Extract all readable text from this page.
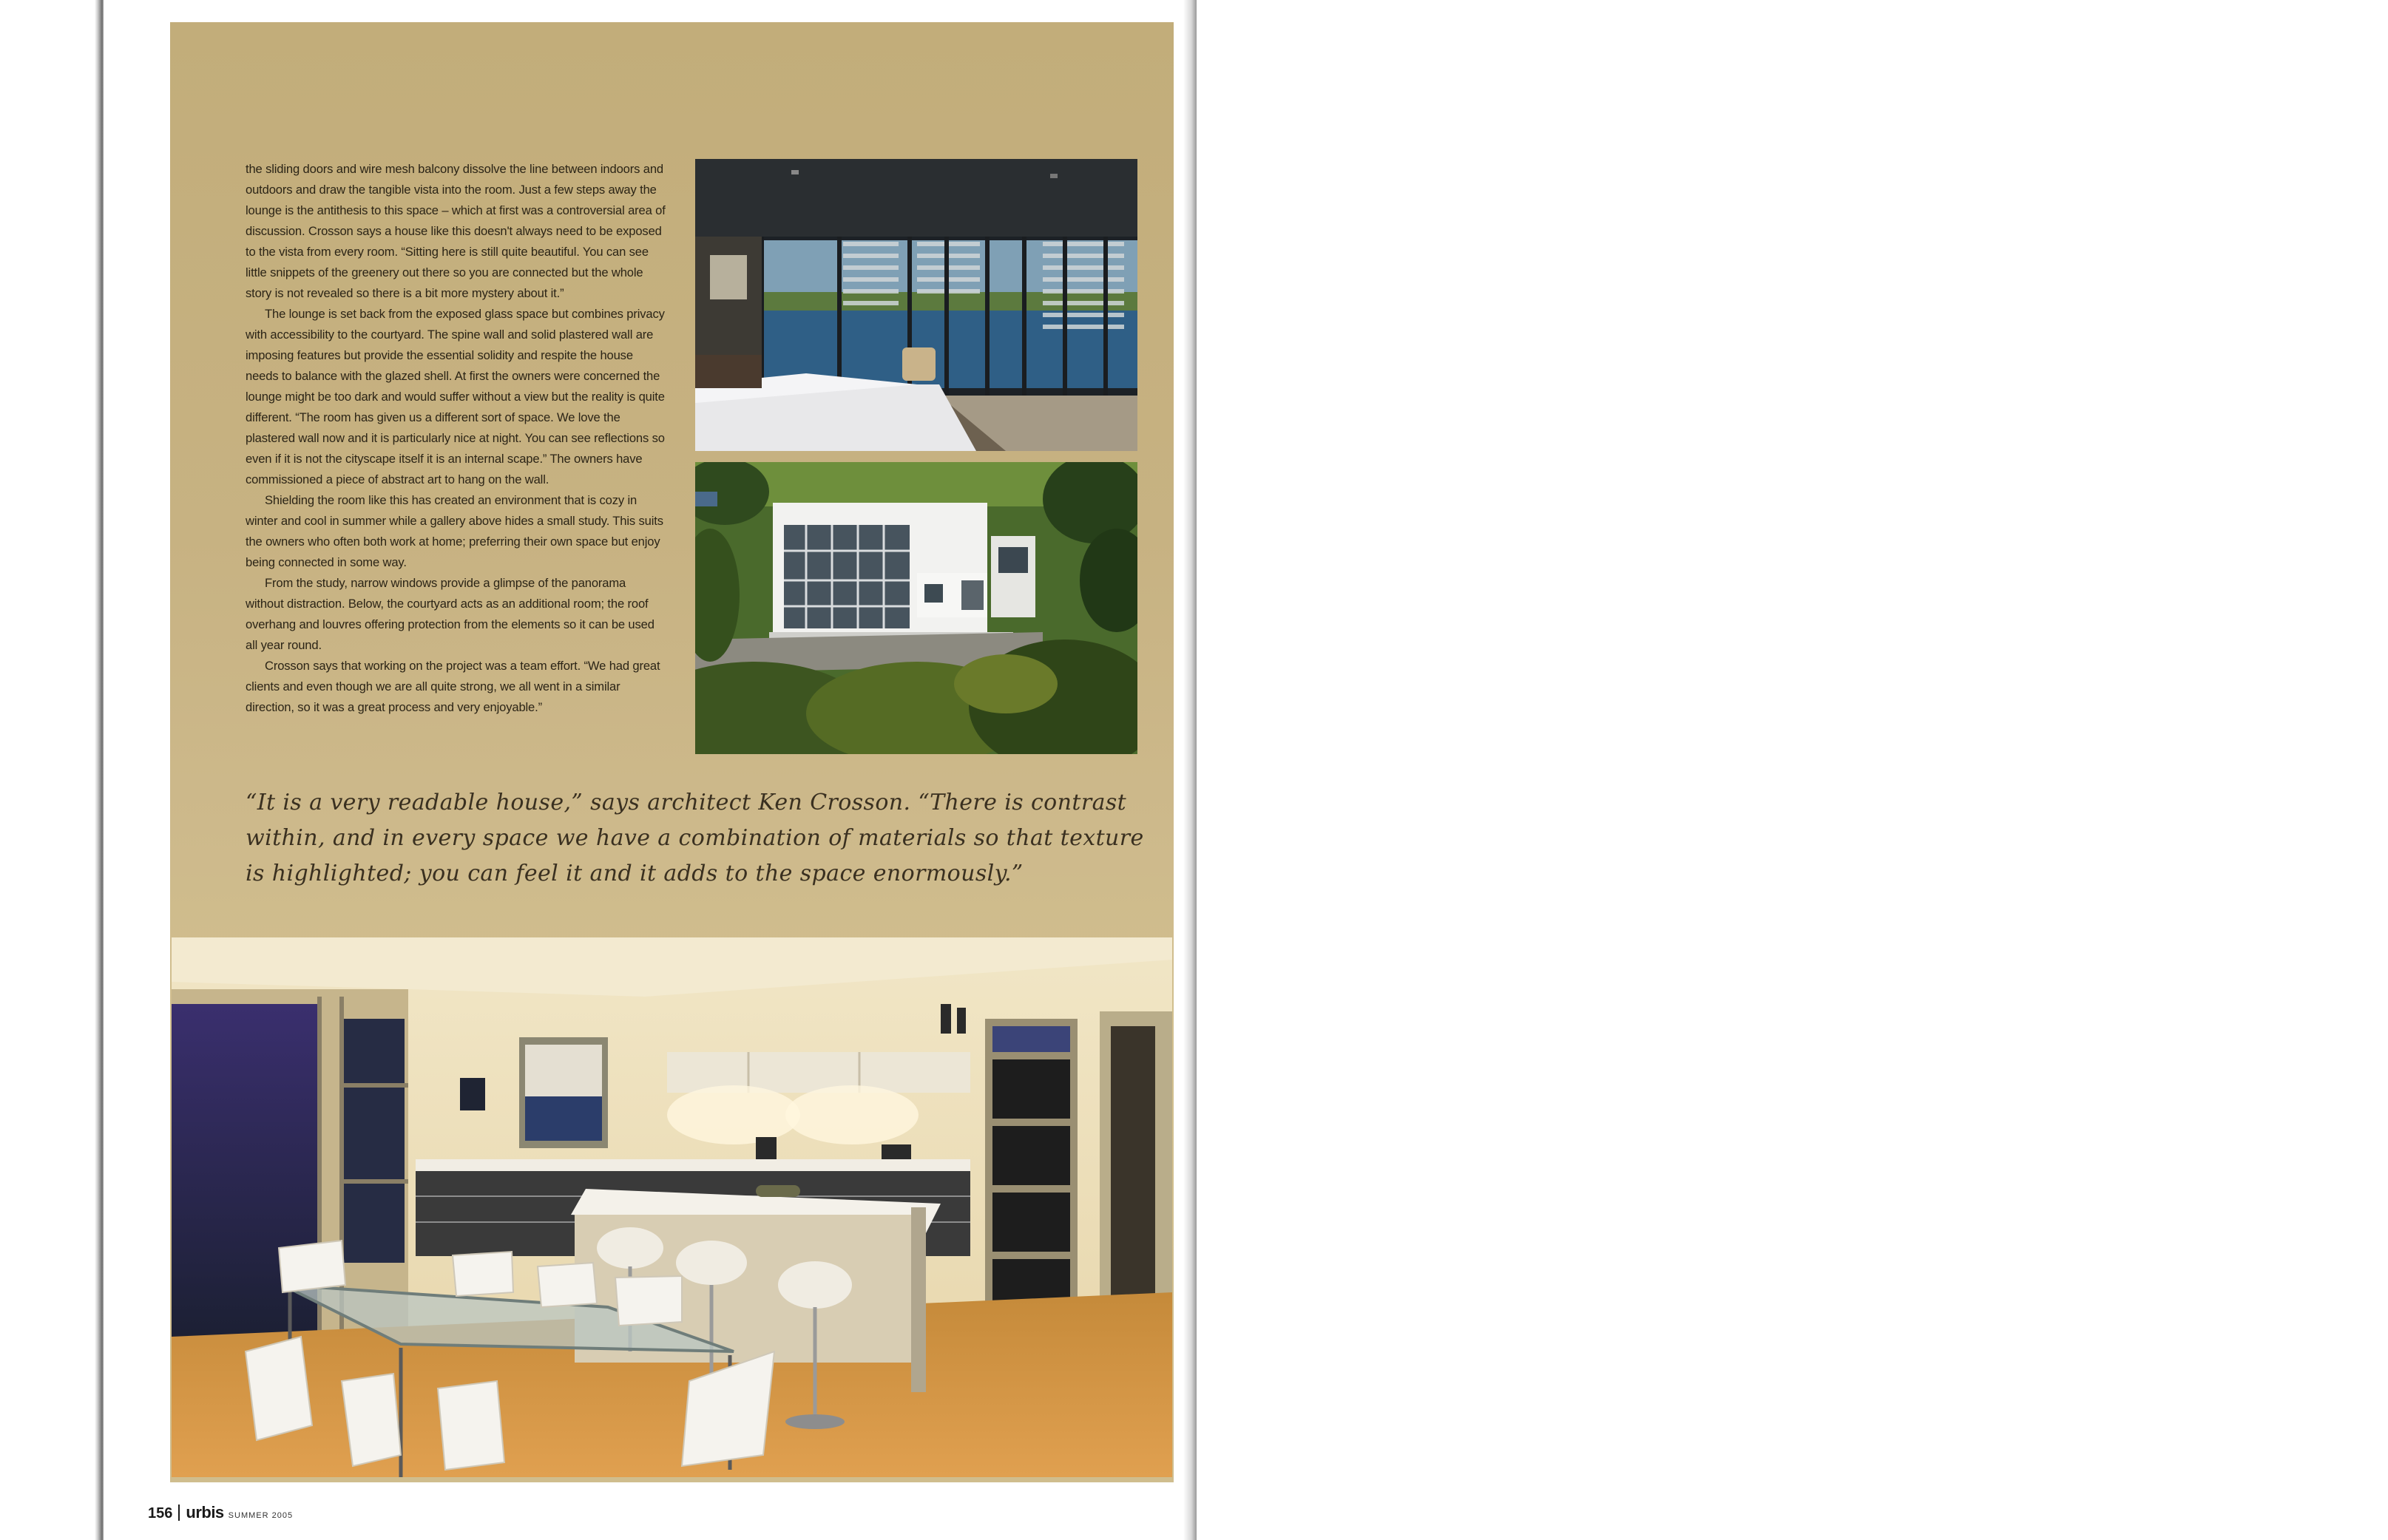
the sliding doors and wire mesh balcony dissolve the line between indoors and outdoors and draw the tangible vista into the room. Just a few steps away the lounge is the antithesis to this space – which at first was a controversial area of discussion. Crosson says a house like this doesn't always need to be exposed to the vista from every room. “Sitting here is still quite beautiful. You can see little snippets of the greenery out there so you are connected but the whole story is not revealed so there is a bit more mystery about it.”

The lounge is set back from the exposed glass space but combines privacy with accessibility to the courtyard. The spine wall and solid plastered wall are imposing features but provide the essential solidity and respite the house needs to balance with the glazed shell. At first the owners were concerned the lounge might be too dark and would suffer without a view but the reality is quite different. “The room has given us a different sort of space. We love the plastered wall now and it is particularly nice at night. You can see reflections so even if it is not the cityscape itself it is an internal scape.” The owners have commissioned a piece of abstract art to hang on the wall.

Shielding the room like this has created an environment that is cozy in winter and cool in summer while a gallery above hides a small study. This suits the owners who often both work at home; preferring their own space but enjoy being connected in some way.

From the study, narrow windows provide a glimpse of the panorama without distraction. Below, the courtyard acts as an additional room; the roof overhang and louvres offering protection from the elements so it can be used all year round.

Crosson says that working on the project was a team effort. “We had great clients and even though we are all quite strong, we all went in a similar direction, so it was a great process and very enjoyable.”

“It is a very readable house,” says architect Ken Crosson. “There is contrast within, and in every space we have a combination of materials so that texture is highlighted; you can feel it and it adds to the space enormously.”
156 urbis SUMMER 2005
